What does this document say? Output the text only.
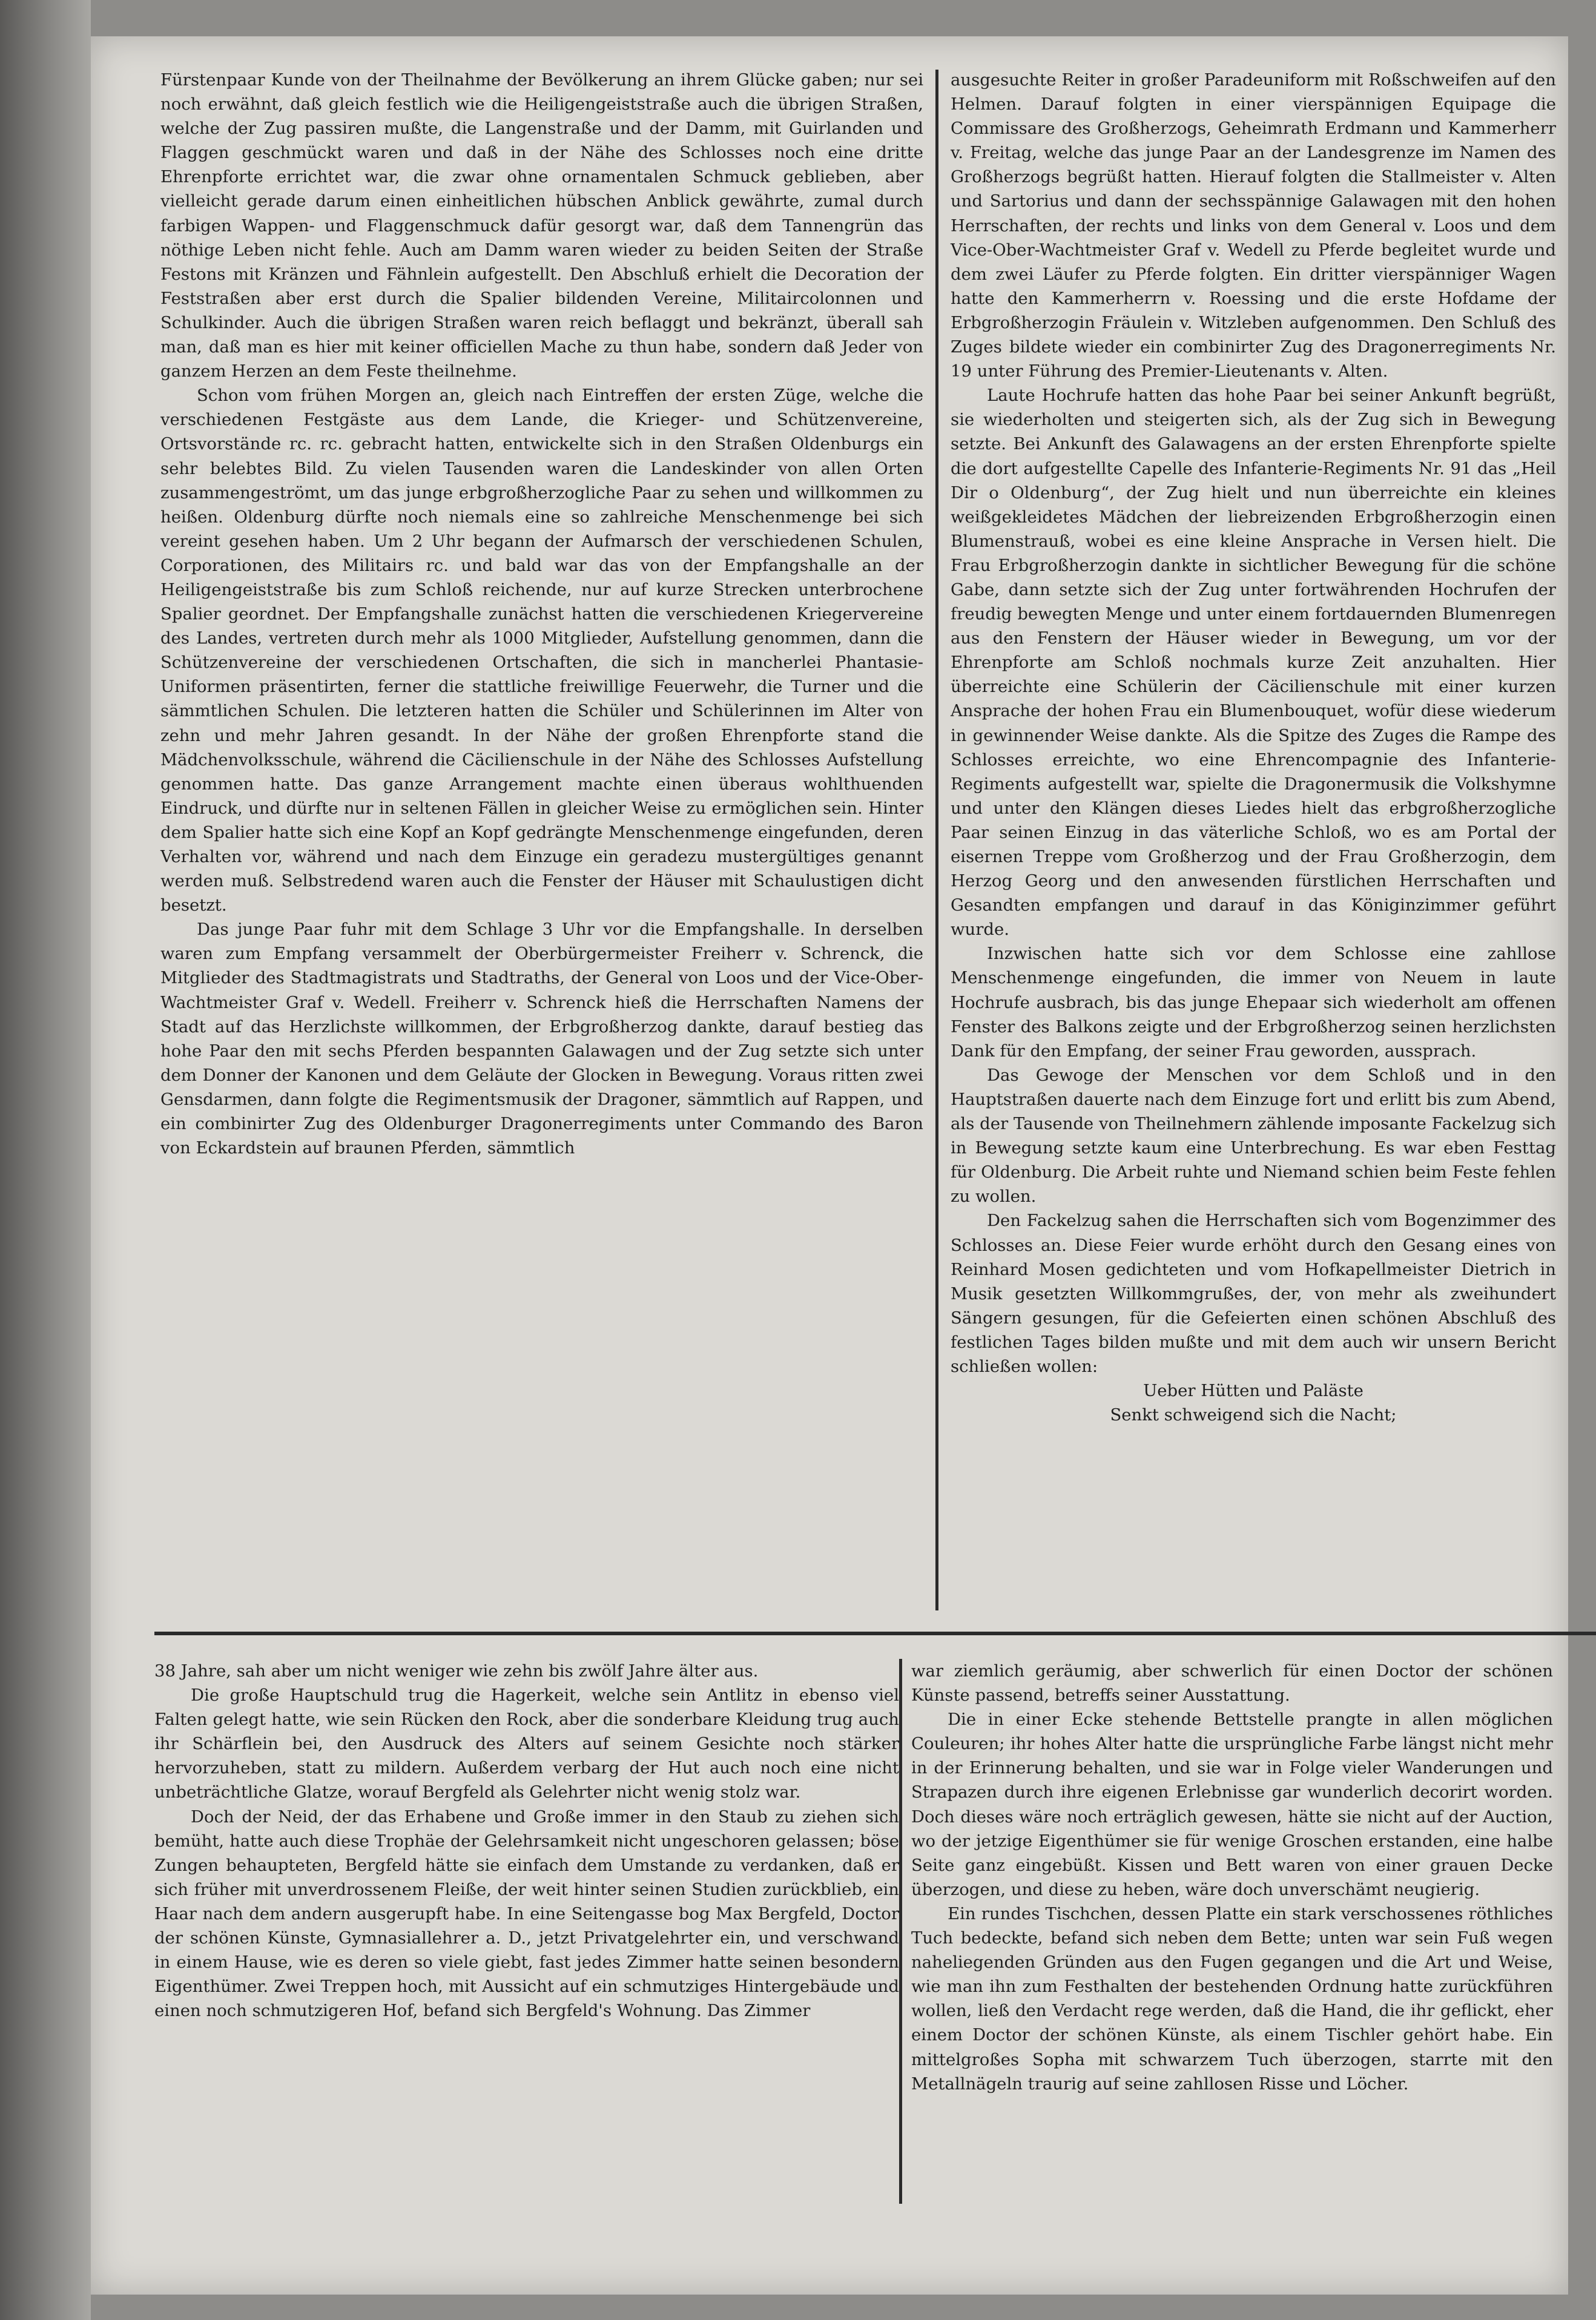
Fürstenpaar Kunde von der Theilnahme der Bevölkerung an ihrem Glücke gaben; nur sei noch erwähnt, daß gleich festlich wie die Heiligengeiststraße auch die übrigen Straßen, welche der Zug passiren mußte, die Langenstraße und der Damm, mit Guirlanden und Flaggen geschmückt waren und daß in der Nähe des Schlosses noch eine dritte Ehrenpforte errichtet war, die zwar ohne ornamentalen Schmuck geblieben, aber vielleicht gerade darum einen einheitlichen hübschen Anblick gewährte, zumal durch farbigen Wappen- und Flaggenschmuck dafür gesorgt war, daß dem Tannengrün das nöthige Leben nicht fehle. Auch am Damm waren wieder zu beiden Seiten der Straße Festons mit Kränzen und Fähnlein aufgestellt. Den Abschluß erhielt die Decoration der Feststraßen aber erst durch die Spalier bildenden Vereine, Militaircolonnen und Schulkinder. Auch die übrigen Straßen waren reich beflaggt und bekränzt, überall sah man, daß man es hier mit keiner officiellen Mache zu thun habe, sondern daß Jeder von ganzem Herzen an dem Feste theilnehme.

Schon vom frühen Morgen an, gleich nach Eintreffen der ersten Züge, welche die verschiedenen Festgäste aus dem Lande, die Krieger- und Schützenvereine, Ortsvorstände rc. rc. gebracht hatten, entwickelte sich in den Straßen Oldenburgs ein sehr belebtes Bild. Zu vielen Tausenden waren die Landeskinder von allen Orten zusammengeströmt, um das junge erbgroßherzogliche Paar zu sehen und willkommen zu heißen. Oldenburg dürfte noch niemals eine so zahlreiche Menschenmenge bei sich vereint gesehen haben. Um 2 Uhr begann der Aufmarsch der verschiedenen Schulen, Corporationen, des Militairs rc. und bald war das von der Empfangshalle an der Heiligengeiststraße bis zum Schloß reichende, nur auf kurze Strecken unterbrochene Spalier geordnet. Der Empfangshalle zunächst hatten die verschiedenen Kriegervereine des Landes, vertreten durch mehr als 1000 Mitglieder, Aufstellung genommen, dann die Schützenvereine der verschiedenen Ortschaften, die sich in mancherlei Phantasie-Uniformen präsentirten, ferner die stattliche freiwillige Feuerwehr, die Turner und die sämmtlichen Schulen. Die letzteren hatten die Schüler und Schülerinnen im Alter von zehn und mehr Jahren gesandt. In der Nähe der großen Ehrenpforte stand die Mädchenvolksschule, während die Cäcilienschule in der Nähe des Schlosses Aufstellung genommen hatte. Das ganze Arrangement machte einen überaus wohlthuenden Eindruck, und dürfte nur in seltenen Fällen in gleicher Weise zu ermöglichen sein. Hinter dem Spalier hatte sich eine Kopf an Kopf gedrängte Menschenmenge eingefunden, deren Verhalten vor, während und nach dem Einzuge ein geradezu mustergültiges genannt werden muß. Selbstredend waren auch die Fenster der Häuser mit Schaulustigen dicht besetzt.

Das junge Paar fuhr mit dem Schlage 3 Uhr vor die Empfangshalle. In derselben waren zum Empfang versammelt der Oberbürgermeister Freiherr v. Schrenck, die Mitglieder des Stadtmagistrats und Stadtraths, der General von Loos und der Vice-Ober-Wachtmeister Graf v. Wedell. Freiherr v. Schrenck hieß die Herrschaften Namens der Stadt auf das Herzlichste willkommen, der Erbgroßherzog dankte, darauf bestieg das hohe Paar den mit sechs Pferden bespannten Galawagen und der Zug setzte sich unter dem Donner der Kanonen und dem Geläute der Glocken in Bewegung. Voraus ritten zwei Gensdarmen, dann folgte die Regimentsmusik der Dragoner, sämmtlich auf Rappen, und ein combinirter Zug des Oldenburger Dragonerregiments unter Commando des Baron von Eckardstein auf braunen Pferden, sämmtlich

ausgesuchte Reiter in großer Paradeuniform mit Roßschweifen auf den Helmen. Darauf folgten in einer vierspännigen Equipage die Commissare des Großherzogs, Geheimrath Erdmann und Kammerherr v. Freitag, welche das junge Paar an der Landesgrenze im Namen des Großherzogs begrüßt hatten. Hierauf folgten die Stallmeister v. Alten und Sartorius und dann der sechsspännige Galawagen mit den hohen Herrschaften, der rechts und links von dem General v. Loos und dem Vice-Ober-Wachtmeister Graf v. Wedell zu Pferde begleitet wurde und dem zwei Läufer zu Pferde folgten. Ein dritter vierspänniger Wagen hatte den Kammerherrn v. Roessing und die erste Hofdame der Erbgroßherzogin Fräulein v. Witzleben aufgenommen. Den Schluß des Zuges bildete wieder ein combinirter Zug des Dragonerregiments Nr. 19 unter Führung des Premier-Lieutenants v. Alten.

Laute Hochrufe hatten das hohe Paar bei seiner Ankunft begrüßt, sie wiederholten und steigerten sich, als der Zug sich in Bewegung setzte. Bei Ankunft des Galawagens an der ersten Ehrenpforte spielte die dort aufgestellte Capelle des Infanterie-Regiments Nr. 91 das „Heil Dir o Oldenburg“, der Zug hielt und nun überreichte ein kleines weißgekleidetes Mädchen der liebreizenden Erbgroßherzogin einen Blumenstrauß, wobei es eine kleine Ansprache in Versen hielt. Die Frau Erbgroßherzogin dankte in sichtlicher Bewegung für die schöne Gabe, dann setzte sich der Zug unter fortwährenden Hochrufen der freudig bewegten Menge und unter einem fortdauernden Blumenregen aus den Fenstern der Häuser wieder in Bewegung, um vor der Ehrenpforte am Schloß nochmals kurze Zeit anzuhalten. Hier überreichte eine Schülerin der Cäcilienschule mit einer kurzen Ansprache der hohen Frau ein Blumenbouquet, wofür diese wiederum in gewinnender Weise dankte. Als die Spitze des Zuges die Rampe des Schlosses erreichte, wo eine Ehrencompagnie des Infanterie-Regiments aufgestellt war, spielte die Dragonermusik die Volkshymne und unter den Klängen dieses Liedes hielt das erbgroßherzogliche Paar seinen Einzug in das väterliche Schloß, wo es am Portal der eisernen Treppe vom Großherzog und der Frau Großherzogin, dem Herzog Georg und den anwesenden fürstlichen Herrschaften und Gesandten empfangen und darauf in das Königinzimmer geführt wurde.

Inzwischen hatte sich vor dem Schlosse eine zahllose Menschenmenge eingefunden, die immer von Neuem in laute Hochrufe ausbrach, bis das junge Ehepaar sich wiederholt am offenen Fenster des Balkons zeigte und der Erbgroßherzog seinen herzlichsten Dank für den Empfang, der seiner Frau geworden, aussprach.

Das Gewoge der Menschen vor dem Schloß und in den Hauptstraßen dauerte nach dem Einzuge fort und erlitt bis zum Abend, als der Tausende von Theilnehmern zählende imposante Fackelzug sich in Bewegung setzte kaum eine Unterbrechung. Es war eben Festtag für Oldenburg. Die Arbeit ruhte und Niemand schien beim Feste fehlen zu wollen.

Den Fackelzug sahen die Herrschaften sich vom Bogenzimmer des Schlosses an. Diese Feier wurde erhöht durch den Gesang eines von Reinhard Mosen gedichteten und vom Hofkapellmeister Dietrich in Musik gesetzten Willkommgrußes, der, von mehr als zweihundert Sängern gesungen, für die Gefeierten einen schönen Abschluß des festlichen Tages bilden mußte und mit dem auch wir unsern Bericht schließen wollen:

Ueber Hütten und Paläste

Senkt schweigend sich die Nacht;

38 Jahre, sah aber um nicht weniger wie zehn bis zwölf Jahre älter aus.

Die große Hauptschuld trug die Hagerkeit, welche sein Antlitz in ebenso viel Falten gelegt hatte, wie sein Rücken den Rock, aber die sonderbare Kleidung trug auch ihr Schärflein bei, den Ausdruck des Alters auf seinem Gesichte noch stärker hervorzuheben, statt zu mildern. Außerdem verbarg der Hut auch noch eine nicht unbeträchtliche Glatze, worauf Bergfeld als Gelehrter nicht wenig stolz war.

Doch der Neid, der das Erhabene und Große immer in den Staub zu ziehen sich bemüht, hatte auch diese Trophäe der Gelehrsamkeit nicht ungeschoren gelassen; böse Zungen behaupteten, Bergfeld hätte sie einfach dem Umstande zu verdanken, daß er sich früher mit unverdrossenem Fleiße, der weit hinter seinen Studien zurückblieb, ein Haar nach dem andern ausgerupft habe. In eine Seitengasse bog Max Bergfeld, Doctor der schönen Künste, Gymnasiallehrer a. D., jetzt Privatgelehrter ein, und verschwand in einem Hause, wie es deren so viele giebt, fast jedes Zimmer hatte seinen besondern Eigenthümer. Zwei Treppen hoch, mit Aussicht auf ein schmutziges Hintergebäude und einen noch schmutzigeren Hof, befand sich Bergfeld's Wohnung. Das Zimmer

war ziemlich geräumig, aber schwerlich für einen Doctor der schönen Künste passend, betreffs seiner Ausstattung.

Die in einer Ecke stehende Bettstelle prangte in allen möglichen Couleuren; ihr hohes Alter hatte die ursprüngliche Farbe längst nicht mehr in der Erinnerung behalten, und sie war in Folge vieler Wanderungen und Strapazen durch ihre eigenen Erlebnisse gar wunderlich decorirt worden. Doch dieses wäre noch erträglich gewesen, hätte sie nicht auf der Auction, wo der jetzige Eigenthümer sie für wenige Groschen erstanden, eine halbe Seite ganz eingebüßt. Kissen und Bett waren von einer grauen Decke überzogen, und diese zu heben, wäre doch unverschämt neugierig.

Ein rundes Tischchen, dessen Platte ein stark verschossenes röthliches Tuch bedeckte, befand sich neben dem Bette; unten war sein Fuß wegen naheliegenden Gründen aus den Fugen gegangen und die Art und Weise, wie man ihn zum Festhalten der bestehenden Ordnung hatte zurückführen wollen, ließ den Verdacht rege werden, daß die Hand, die ihr geflickt, eher einem Doctor der schönen Künste, als einem Tischler gehört habe. Ein mittelgroßes Sopha mit schwarzem Tuch überzogen, starrte mit den Metallnägeln traurig auf seine zahllosen Risse und Löcher.
